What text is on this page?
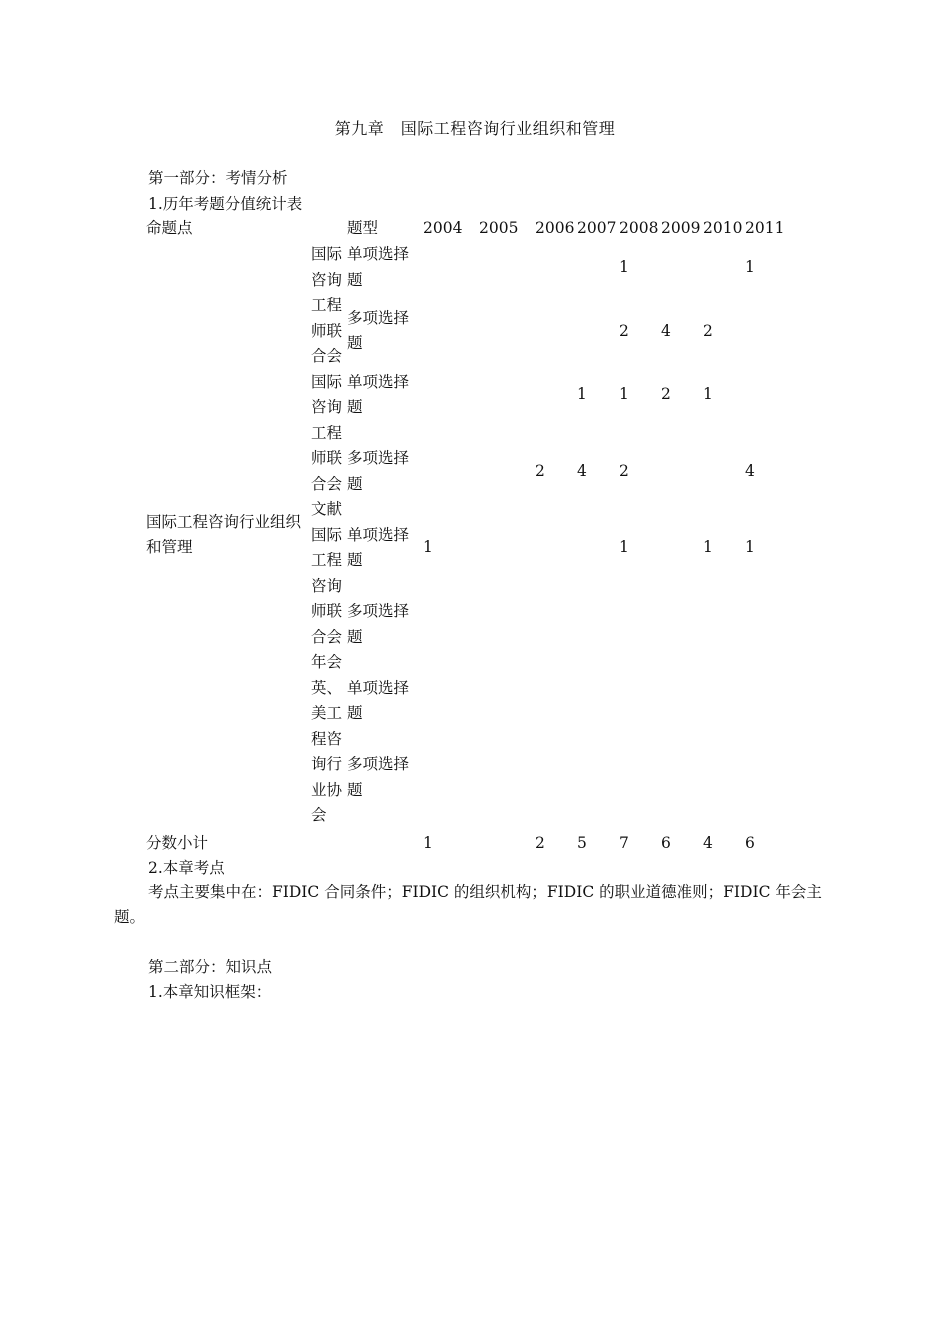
第九章　国际工程咨询行业组织和管理
第一部分：考情分析
1.历年考题分值统计表
命题点		题型	2004	2005	2006	2007	2008	2009	2010	2011
国际工程咨询行业组织和管理	国际咨询工程师联合会	单项选择题					1			1
		多项选择题					2	4	2	
	国际咨询工程师联合会文献	单项选择题				1	1	2	1	
		多项选择题			2	4	2			4
	国际工程咨询师联合会年会	单项选择题	1				1		1	1
		多项选择题								
	英、美工程咨询行业协会	单项选择题								
		多项选择题								
分数小计			1		2	5	7	6	4	6
2.本章考点
考点主要集中在：FIDIC 合同条件；FIDIC 的组织机构；FIDIC 的职业道德准则；FIDIC 年会主题。
第二部分：知识点
1.本章知识框架：
